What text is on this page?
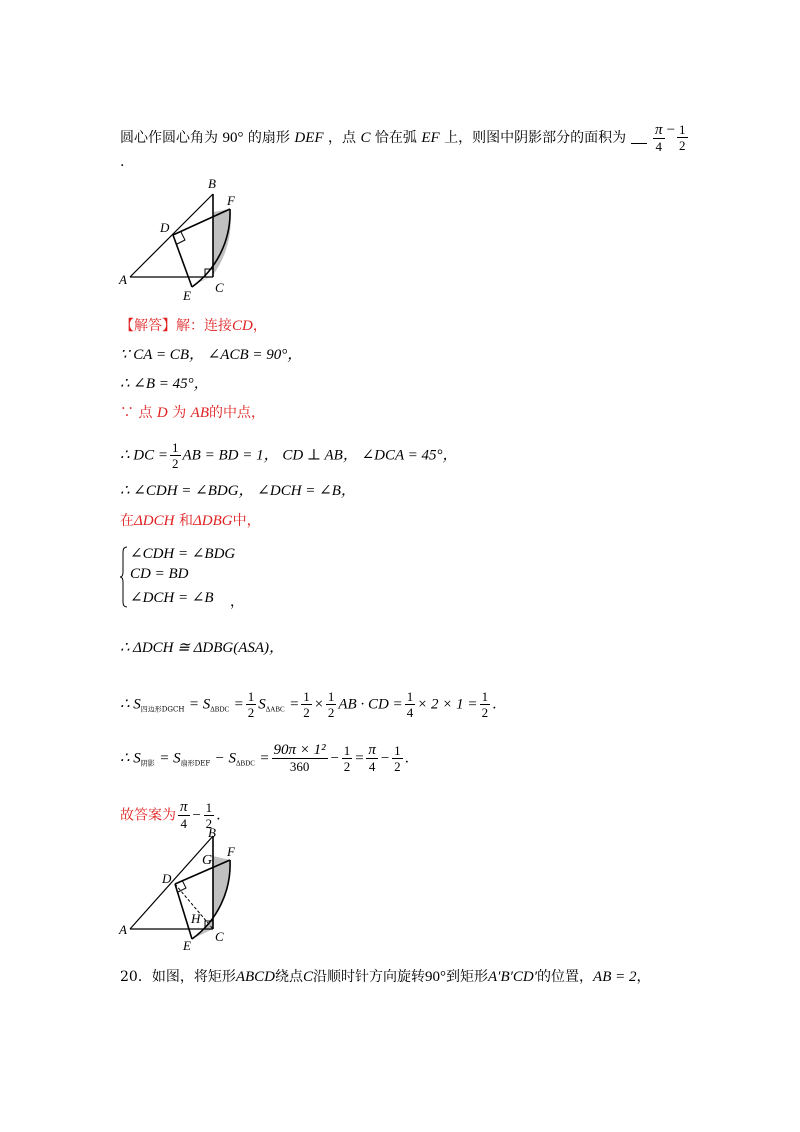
圆心作圆心角为 90° 的扇形 DEF ，点 C 恰在弧 EF 上，则图中阴影部分的面积为 $\frac{\pi}{4} - \frac{1}{2}$
.
A
B
C
D
E
F
【解答】解：连接CD，
∵ CA = CB， ∠ACB = 90°，
∴ ∠B = 45°，
∵ 点 D 为 AB的中点，
∴ DC = $\frac{1}{2}$ AB = BD = 1， CD ⊥ AB， ∠DCA = 45°，
∴ ∠CDH = ∠BDG， ∠DCH = ∠B，
在ΔDCH 和ΔDBG中，
∠CDH = ∠BDG
CD = BD
∠DCH = ∠B ，
∴ ΔDCH ≅ ΔDBG(ASA)，
∴ $S_{四边形DGCH} = S_{\Delta BDC} = \frac{1}{2} S_{\Delta ABC} = \frac{1}{2} \times \frac{1}{2}$ AB · CD = $\frac{1}{4} \times 2 \times 1 = \frac{1}{2}$ .
∴ $S_{阴影} = S_{扇形DEF} - S_{\Delta BDC} = \frac{\text{90π × 1²}}{360} - \frac{1}{2} = \frac{\pi}{4} - \frac{1}{2}$ .
故答案为 $\frac{\pi}{4} - \frac{1}{2}$ .
A
B
C
D
E
F
G
H
20．如图，将矩形ABCD绕点C沿顺时针方向旋转90°到矩形A′B′CD′的位置，AB = 2，
